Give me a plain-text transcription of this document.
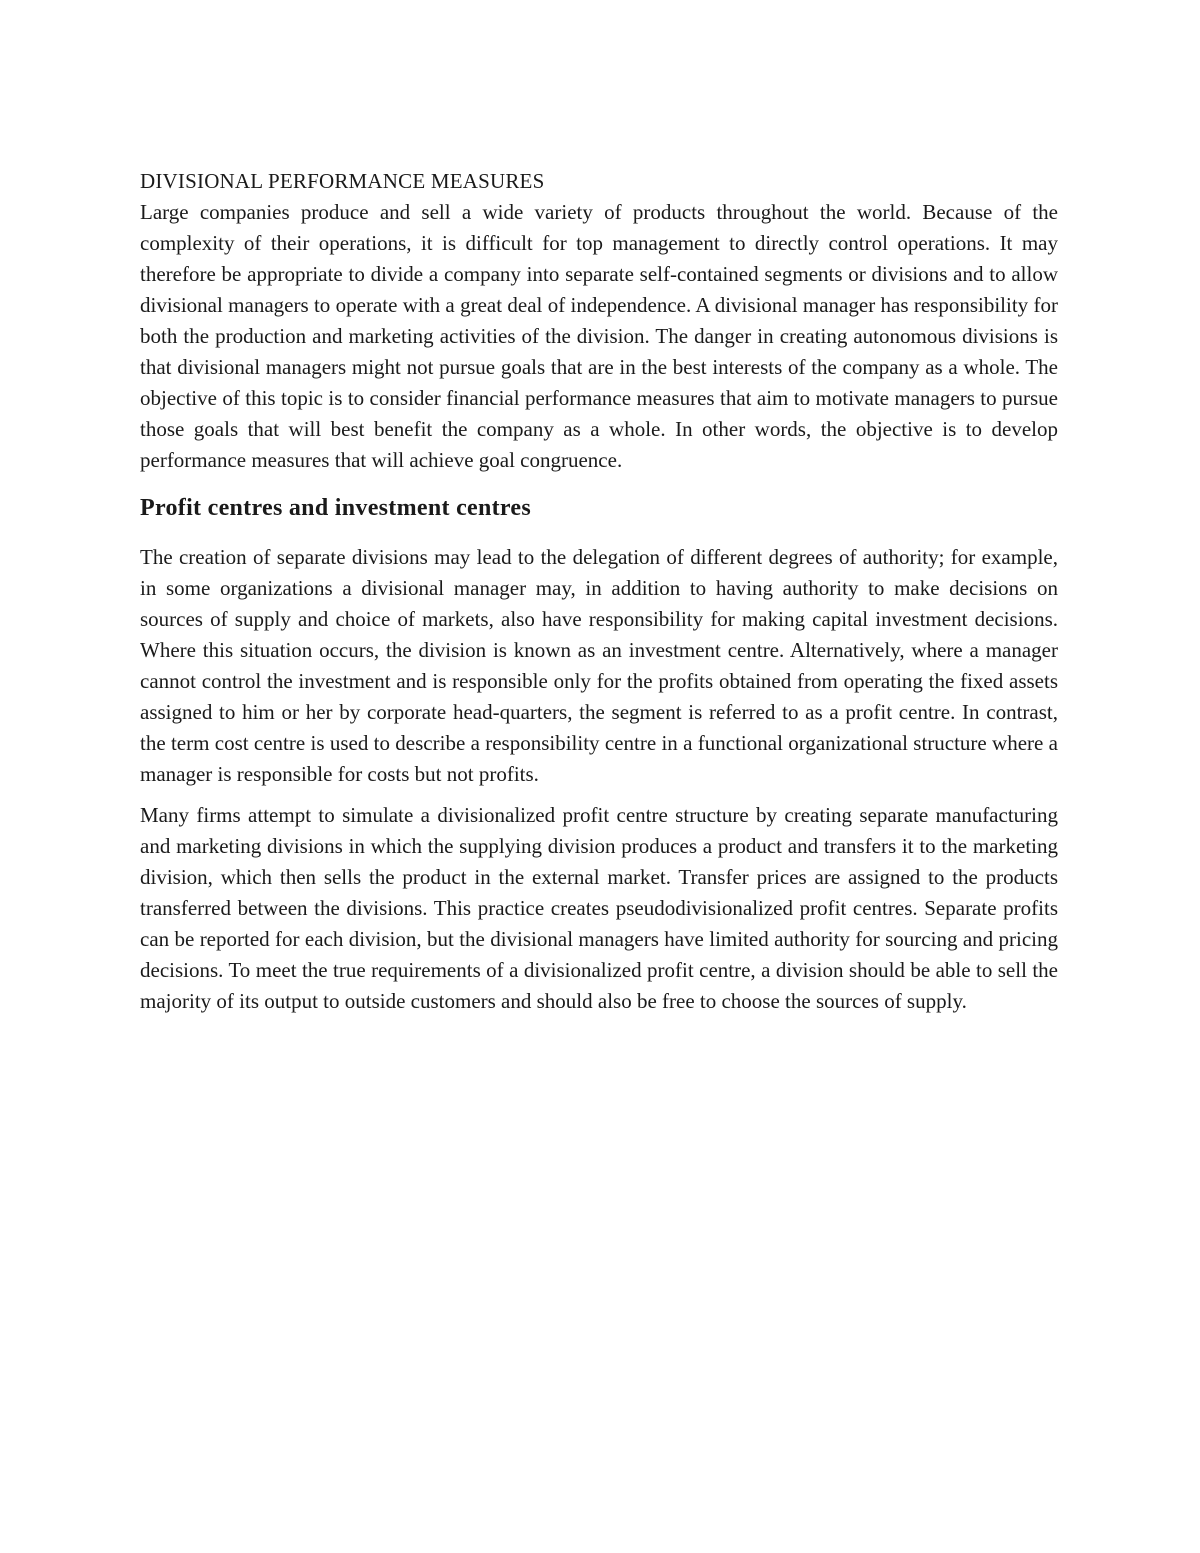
DIVISIONAL PERFORMANCE MEASURES

Large companies produce and sell a wide variety of products throughout the world. Because of the complexity of their operations, it is difficult for top management to directly control operations. It may therefore be appropriate to divide a company into separate self-contained segments or divisions and to allow divisional managers to operate with a great deal of independence. A divisional manager has responsibility for both the production and marketing activities of the division. The danger in creating autonomous divisions is that divisional managers might not pursue goals that are in the best interests of the company as a whole. The objective of this topic is to consider financial performance measures that aim to motivate managers to pursue those goals that will best benefit the company as a whole. In other words, the objective is to develop performance measures that will achieve goal congruence.

Profit centres and investment centres

The creation of separate divisions may lead to the delegation of different degrees of authority; for example, in some organizations a divisional manager may, in addition to having authority to make decisions on sources of supply and choice of markets, also have responsibility for making capital investment decisions. Where this situation occurs, the division is known as an investment centre. Alternatively, where a manager cannot control the investment and is responsible only for the profits obtained from operating the fixed assets assigned to him or her by corporate head-quarters, the segment is referred to as a profit centre. In contrast, the term cost centre is used to describe a responsibility centre in a functional organizational structure where a manager is responsible for costs but not profits.

Many firms attempt to simulate a divisionalized profit centre structure by creating separate manufacturing and marketing divisions in which the supplying division produces a product and transfers it to the marketing division, which then sells the product in the external market. Transfer prices are assigned to the products transferred between the divisions. This practice creates pseudodivisionalized profit centres. Separate profits can be reported for each division, but the divisional managers have limited authority for sourcing and pricing decisions. To meet the true requirements of a divisionalized profit centre, a division should be able to sell the majority of its output to outside customers and should also be free to choose the sources of supply.
